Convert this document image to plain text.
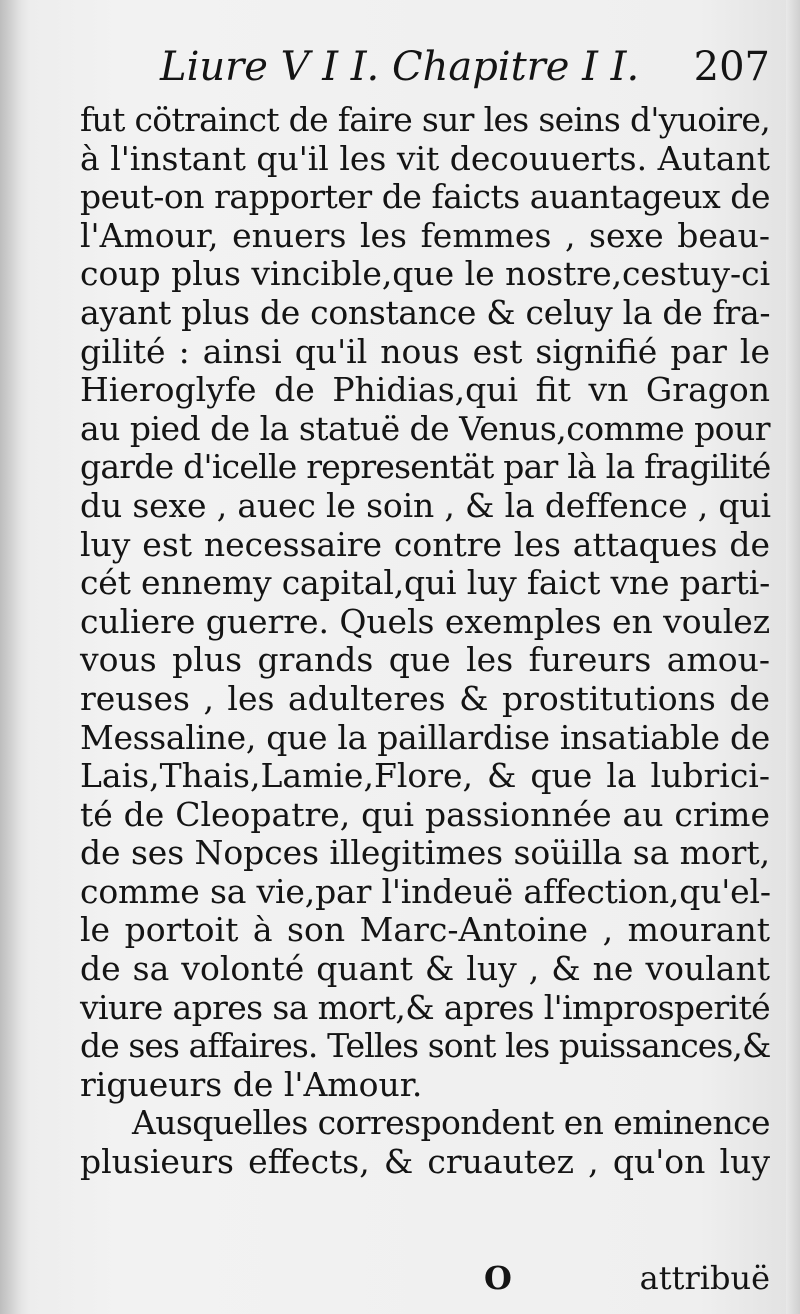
Liure V I I. Chapitre I I. 207
fut cötrainct de faire sur les seins d'yuoire,
à l'instant qu'il les vit decouuerts. Autant
peut-on rapporter de faicts auantageux de
l'Amour, enuers les femmes , sexe beau-
coup plus vincible,que le nostre,cestuy-ci
ayant plus de constance & celuy la de fra-
gilité : ainsi qu'il nous est signifié par le
Hieroglyfe de Phidias,qui fit vn Gragon
au pied de la statuë de Venus,comme pour
garde d'icelle representät par là la fragilité
du sexe , auec le soin , & la deffence , qui
luy est necessaire contre les attaques de
cét ennemy capital,qui luy faict vne parti-
culiere guerre. Quels exemples en voulez
vous plus grands que les fureurs amou-
reuses , les adulteres & prostitutions de
Messaline, que la paillardise insatiable de
Lais,Thais,Lamie,Flore, & que la lubrici-
té de Cleopatre, qui passionnée au crime
de ses Nopces illegitimes soüilla sa mort,
comme sa vie,par l'indeuë affection,qu'el-
le portoit à son Marc-Antoine , mourant
de sa volonté quant & luy , & ne voulant
viure apres sa mort,& apres l'improsperité
de ses affaires. Telles sont les puissances,&
rigueurs de l'Amour.
Ausquelles correspondent en eminence
plusieurs effects, & cruautez , qu'on luy
O	attribuë
